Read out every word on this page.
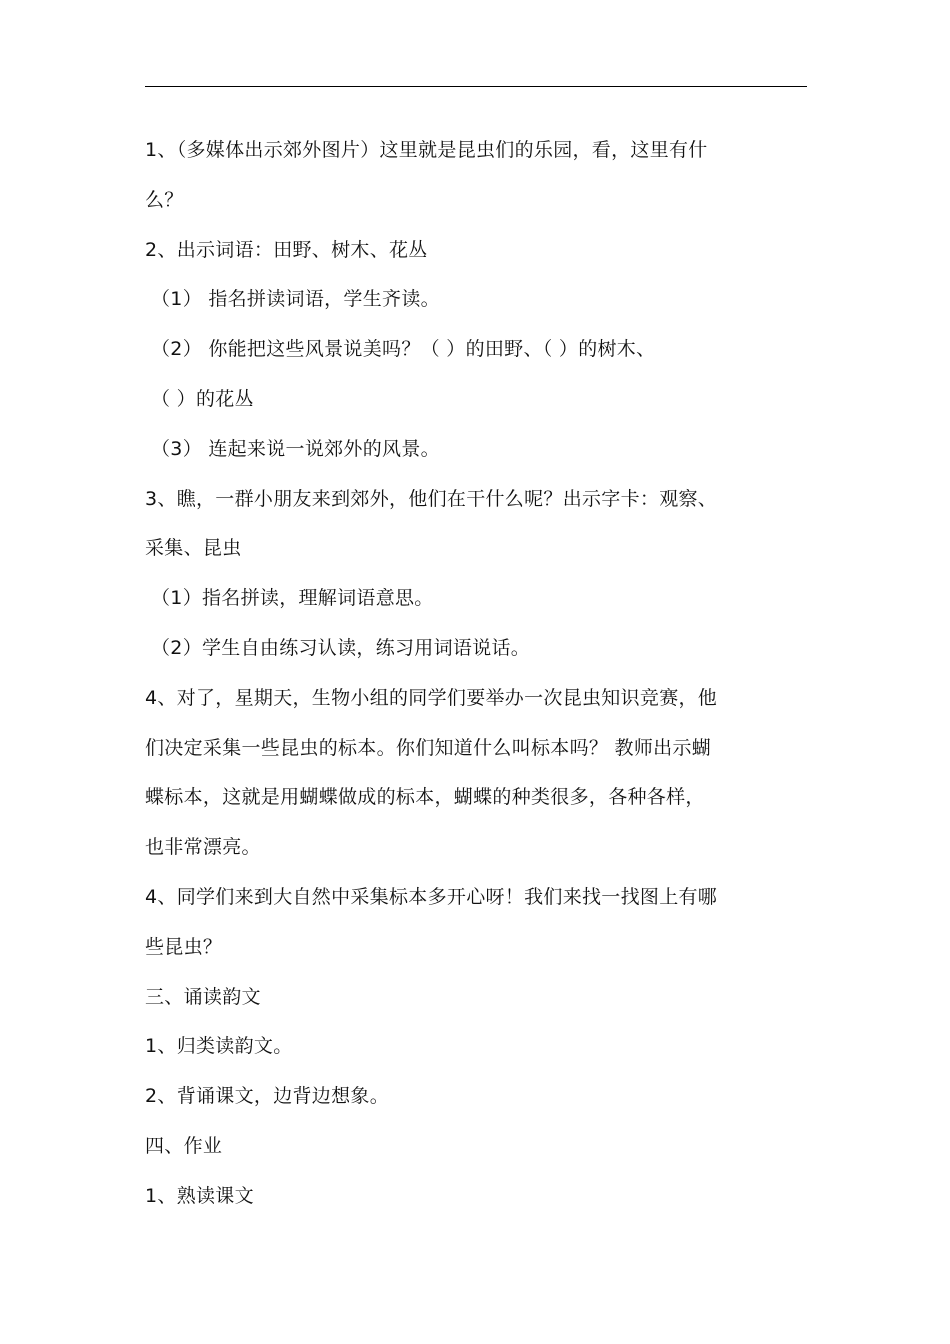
1、（多媒体出示郊外图片）这里就是昆虫们的乐园，看，这里有什
么？
2、出示词语：田野、树木、花丛
（1） 指名拼读词语，学生齐读。
（2） 你能把这些风景说美吗？（ ）的田野、（ ）的树木、
（ ）的花丛
（3） 连起来说一说郊外的风景。
3、瞧，一群小朋友来到郊外，他们在干什么呢？出示字卡：观察、
采集、昆虫
（1）指名拼读，理解词语意思。
（2）学生自由练习认读，练习用词语说话。
4、对了，星期天，生物小组的同学们要举办一次昆虫知识竞赛，他
们决定采集一些昆虫的标本。你们知道什么叫标本吗？ 教师出示蝴
蝶标本，这就是用蝴蝶做成的标本，蝴蝶的种类很多，各种各样，
也非常漂亮。
4、同学们来到大自然中采集标本多开心呀！我们来找一找图上有哪
些昆虫？
三、诵读韵文
1、归类读韵文。
2、背诵课文，边背边想象。
四、作业
1、熟读课文
